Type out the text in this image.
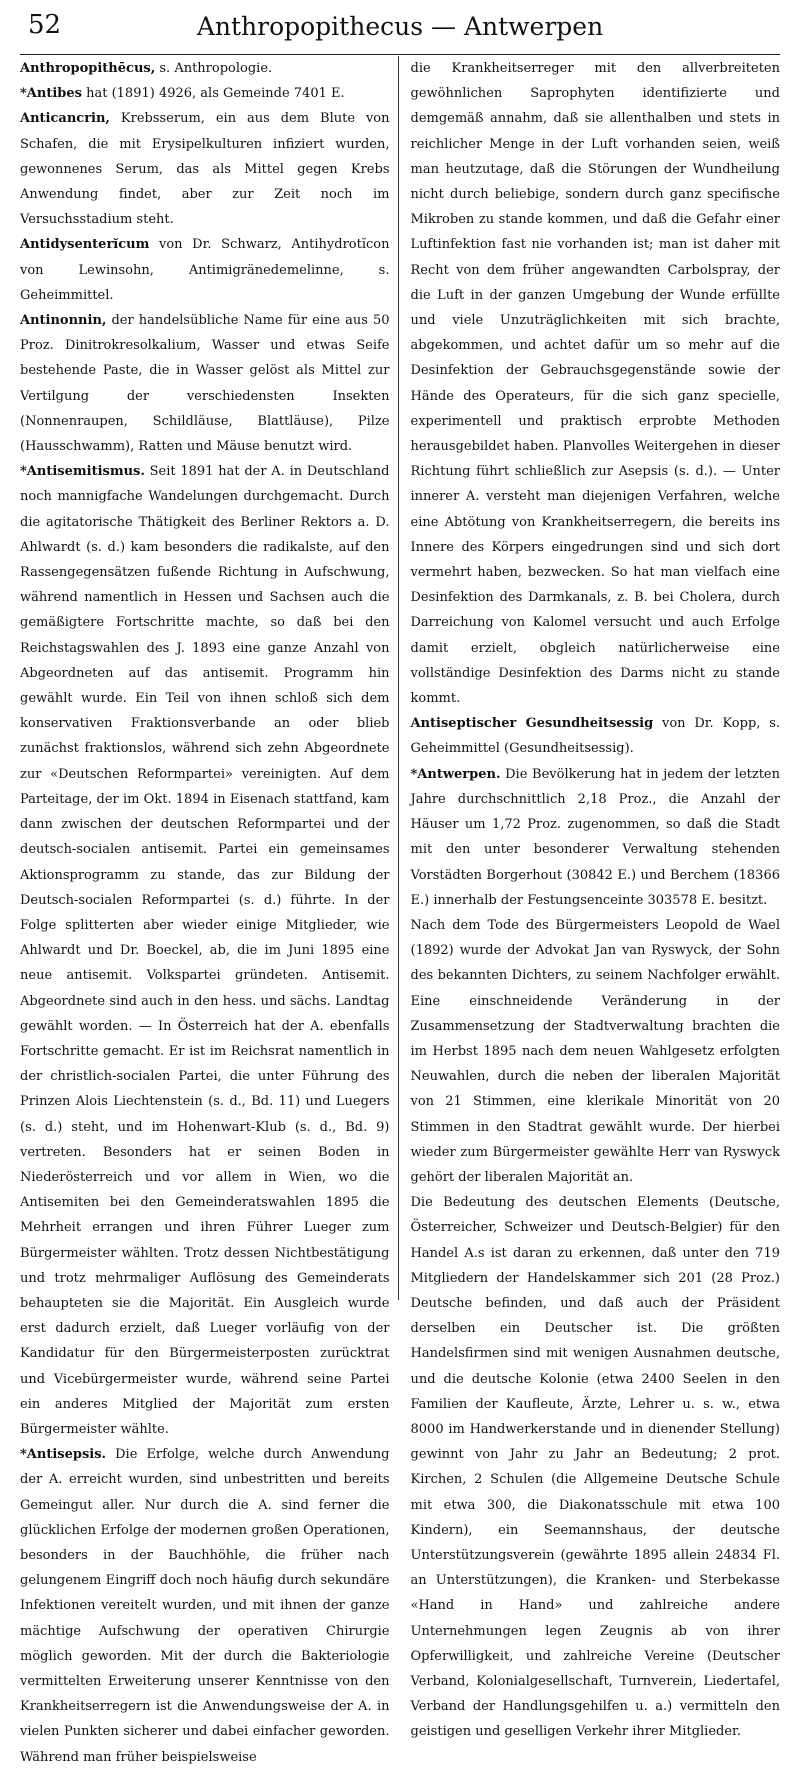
52	Anthropopithecus — Antwerpen

Anthropopithēcus, s. Anthropologie.

*Antibes hat (1891) 4926, als Gemeinde 7401 E.

Anticancrin, Krebsserum, ein aus dem Blute von Schafen, die mit Erysipelkulturen infiziert wurden, gewonnenes Serum, das als Mittel gegen Krebs Anwendung findet, aber zur Zeit noch im Versuchsstadium steht.

Antidysenterĭcum von Dr. Schwarz, Antihydrotĭcon von Lewinsohn, Antimigränedemelinne, s. Geheimmittel.

Antinonnin, der handelsübliche Name für eine aus 50 Proz. Dinitrokresolkalium, Wasser und etwas Seife bestehende Paste, die in Wasser gelöst als Mittel zur Vertilgung der verschiedensten Insekten (Nonnenraupen, Schildläuse, Blattläuse), Pilze (Hausschwamm), Ratten und Mäuse benutzt wird.

*Antisemitismus. Seit 1891 hat der A. in Deutschland noch mannigfache Wandelungen durchgemacht. Durch die agitatorische Thätigkeit des Berliner Rektors a. D. Ahlwardt (s. d.) kam besonders die radikalste, auf den Rassengegensätzen fußende Richtung in Aufschwung, während namentlich in Hessen und Sachsen auch die gemäßigtere Fortschritte machte, so daß bei den Reichstagswahlen des J. 1893 eine ganze Anzahl von Abgeordneten auf das antisemit. Programm hin gewählt wurde. Ein Teil von ihnen schloß sich dem konservativen Fraktionsverbande an oder blieb zunächst fraktionslos, während sich zehn Abgeordnete zur «Deutschen Reformpartei» vereinigten. Auf dem Parteitage, der im Okt. 1894 in Eisenach stattfand, kam dann zwischen der deutschen Reformpartei und der deutsch-socialen antisemit. Partei ein gemeinsames Aktionsprogramm zu stande, das zur Bildung der Deutsch-socialen Reformpartei (s. d.) führte. In der Folge splitterten aber wieder einige Mitglieder, wie Ahlwardt und Dr. Boeckel, ab, die im Juni 1895 eine neue antisemit. Volkspartei gründeten. Antisemit. Abgeordnete sind auch in den hess. und sächs. Landtag gewählt worden. — In Österreich hat der A. ebenfalls Fortschritte gemacht. Er ist im Reichsrat namentlich in der christlich-socialen Partei, die unter Führung des Prinzen Alois Liechtenstein (s. d., Bd. 11) und Luegers (s. d.) steht, und im Hohenwart-Klub (s. d., Bd. 9) vertreten. Besonders hat er seinen Boden in Niederösterreich und vor allem in Wien, wo die Antisemiten bei den Gemeinderatswahlen 1895 die Mehrheit errangen und ihren Führer Lueger zum Bürgermeister wählten. Trotz dessen Nichtbestätigung und trotz mehrmaliger Auflösung des Gemeinderats behaupteten sie die Majorität. Ein Ausgleich wurde erst dadurch erzielt, daß Lueger vorläufig von der Kandidatur für den Bürgermeisterposten zurücktrat und Vicebürgermeister wurde, während seine Partei ein anderes Mitglied der Majorität zum ersten Bürgermeister wählte.

*Antisepsis. Die Erfolge, welche durch Anwendung der A. erreicht wurden, sind unbestritten und bereits Gemeingut aller. Nur durch die A. sind ferner die glücklichen Erfolge der modernen großen Operationen, besonders in der Bauchhöhle, die früher nach gelungenem Eingriff doch noch häufig durch sekundäre Infektionen vereitelt wurden, und mit ihnen der ganze mächtige Aufschwung der operativen Chirurgie möglich geworden. Mit der durch die Bakteriologie vermittelten Erweiterung unserer Kenntnisse von den Krankheitserregern ist die Anwendungsweise der A. in vielen Punkten sicherer und dabei einfacher geworden. Während man früher beispielsweise

die Krankheitserreger mit den allverbreiteten gewöhnlichen Saprophyten identifizierte und demgemäß annahm, daß sie allenthalben und stets in reichlicher Menge in der Luft vorhanden seien, weiß man heutzutage, daß die Störungen der Wundheilung nicht durch beliebige, sondern durch ganz specifische Mikroben zu stande kommen, und daß die Gefahr einer Luftinfektion fast nie vorhanden ist; man ist daher mit Recht von dem früher angewandten Carbolspray, der die Luft in der ganzen Umgebung der Wunde erfüllte und viele Unzuträglichkeiten mit sich brachte, abgekommen, und achtet dafür um so mehr auf die Desinfektion der Gebrauchsgegenstände sowie der Hände des Operateurs, für die sich ganz specielle, experimentell und praktisch erprobte Methoden herausgebildet haben. Planvolles Weitergehen in dieser Richtung führt schließlich zur Asepsis (s. d.). — Unter innerer A. versteht man diejenigen Verfahren, welche eine Abtötung von Krankheitserregern, die bereits ins Innere des Körpers eingedrungen sind und sich dort vermehrt haben, bezwecken. So hat man vielfach eine Desinfektion des Darmkanals, z. B. bei Cholera, durch Darreichung von Kalomel versucht und auch Erfolge damit erzielt, obgleich natürlicherweise eine vollständige Desinfektion des Darms nicht zu stande kommt.

Antiseptischer Gesundheitsessig von Dr. Kopp, s. Geheimmittel (Gesundheitsessig).

*Antwerpen. Die Bevölkerung hat in jedem der letzten Jahre durchschnittlich 2,18 Proz., die Anzahl der Häuser um 1,72 Proz. zugenommen, so daß die Stadt mit den unter besonderer Verwaltung stehenden Vorstädten Borgerhout (30842 E.) und Berchem (18366 E.) innerhalb der Festungsenceinte 303578 E. besitzt.

Nach dem Tode des Bürgermeisters Leopold de Wael (1892) wurde der Advokat Jan van Ryswyck, der Sohn des bekannten Dichters, zu seinem Nachfolger erwählt. Eine einschneidende Veränderung in der Zusammensetzung der Stadtverwaltung brachten die im Herbst 1895 nach dem neuen Wahlgesetz erfolgten Neuwahlen, durch die neben der liberalen Majorität von 21 Stimmen, eine klerikale Minorität von 20 Stimmen in den Stadtrat gewählt wurde. Der hierbei wieder zum Bürgermeister gewählte Herr van Ryswyck gehört der liberalen Majorität an.

Die Bedeutung des deutschen Elements (Deutsche, Österreicher, Schweizer und Deutsch-Belgier) für den Handel A.s ist daran zu erkennen, daß unter den 719 Mitgliedern der Handelskammer sich 201 (28 Proz.) Deutsche befinden, und daß auch der Präsident derselben ein Deutscher ist. Die größten Handelsfirmen sind mit wenigen Ausnahmen deutsche, und die deutsche Kolonie (etwa 2400 Seelen in den Familien der Kaufleute, Ärzte, Lehrer u. s. w., etwa 8000 im Handwerkerstande und in dienender Stellung) gewinnt von Jahr zu Jahr an Bedeutung; 2 prot. Kirchen, 2 Schulen (die Allgemeine Deutsche Schule mit etwa 300, die Diakonatsschule mit etwa 100 Kindern), ein Seemannshaus, der deutsche Unterstützungsverein (gewährte 1895 allein 24834 Fl. an Unterstützungen), die Kranken- und Sterbekasse «Hand in Hand» und zahlreiche andere Unternehmungen legen Zeugnis ab von ihrer Opferwilligkeit, und zahlreiche Vereine (Deutscher Verband, Kolonialgesellschaft, Turnverein, Liedertafel, Verband der Handlungsgehilfen u. a.) vermitteln den geistigen und geselligen Verkehr ihrer Mitglieder.
